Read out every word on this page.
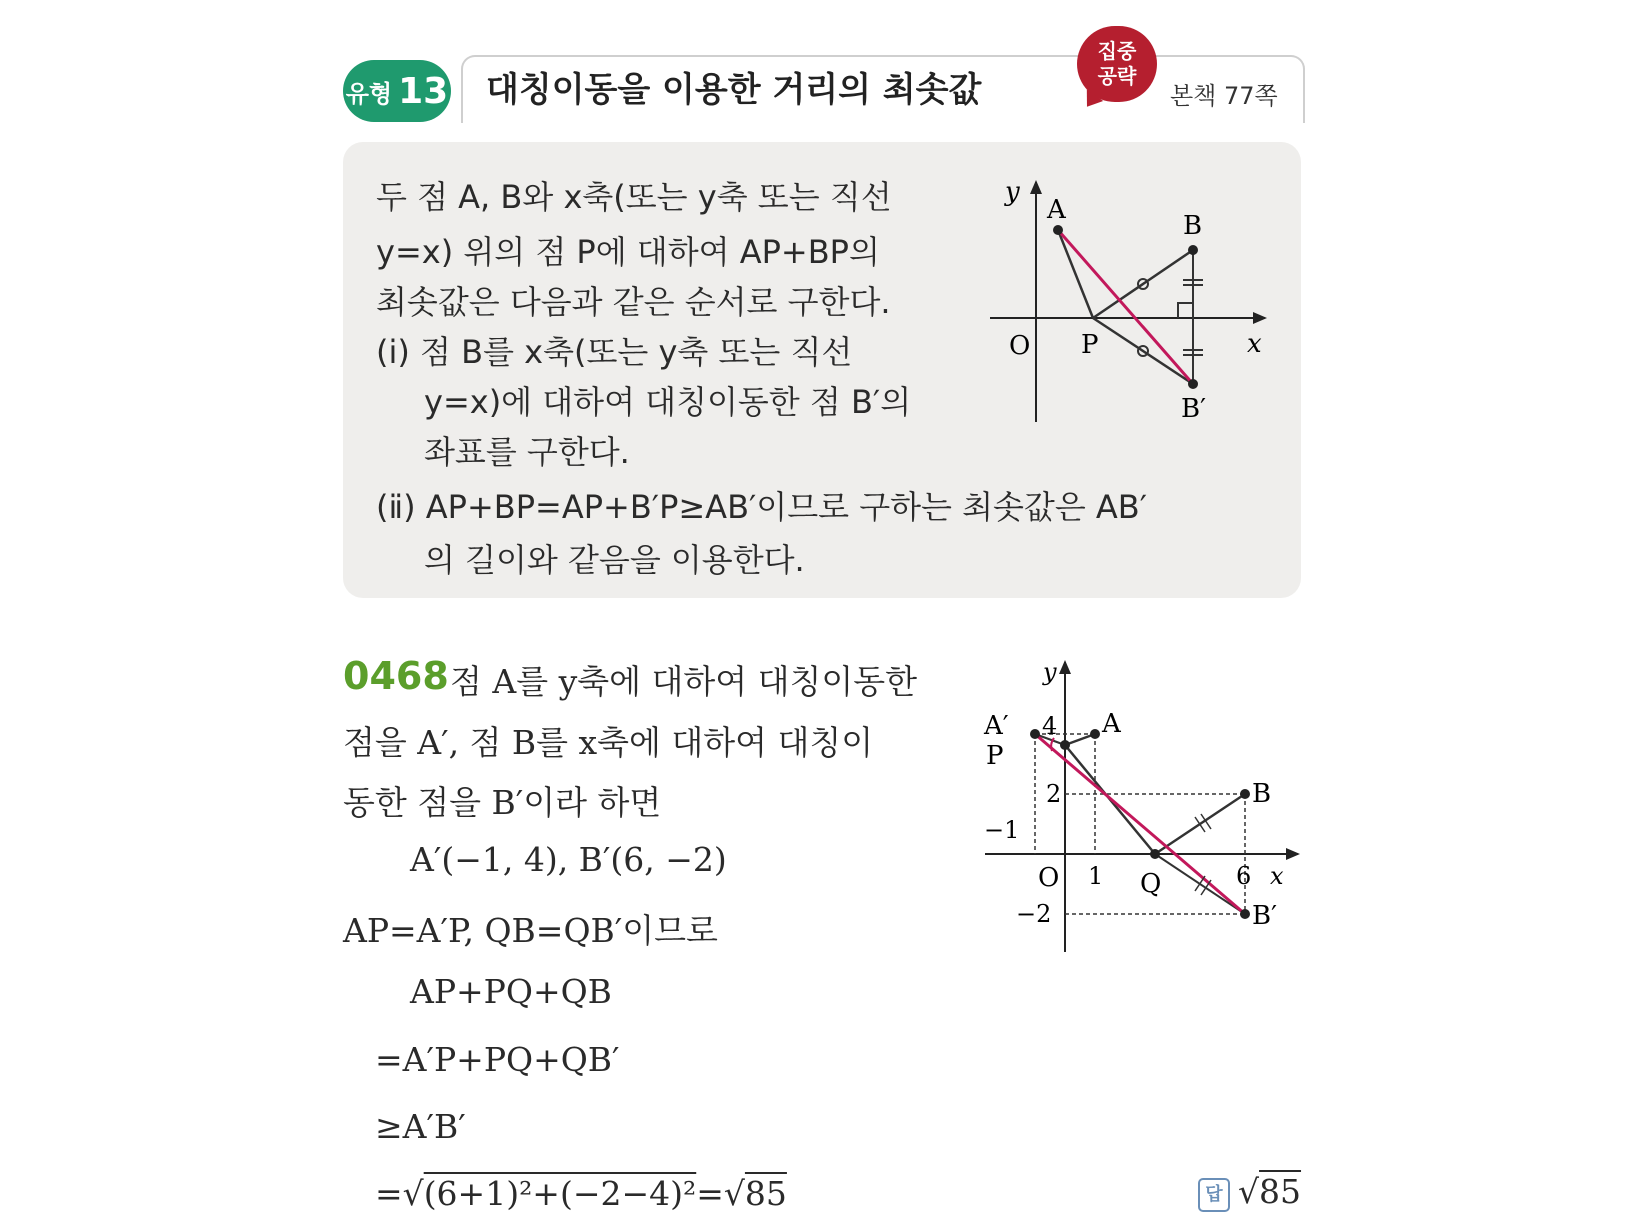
유형 13 대칭이동을 이용한 거리의 최솟값
집중
공략
본책 77쪽
두 점 A, B와 x축(또는 y축 또는 직선
y=x) 위의 점 P에 대하여 AP+BP의
최솟값은 다음과 같은 순서로 구한다.
(ⅰ) 점 B를 x축(또는 y축 또는 직선
y=x)에 대하여 대칭이동한 점 B′의
좌표를 구한다.
(ⅱ) AP+BP=AP+B′P≥AB′이므로 구하는 최솟값은 AB′
의 길이와 같음을 이용한다.
y
x
O
A
B
P
B′
0468 점 A를 y축에 대하여 대칭이동한
점을 A′, 점 B를 x축에 대하여 대칭이
동한 점을 B′이라 하면
A′(−1, 4), B′(6, −2)
AP=A′P, QB=QB′이므로
AP+PQ+QB
=A′P+PQ+QB′
≥A′B′
=√(6+1)²+(−2−4)²=√85
y
x
O
A′	A
P
B
Q
B′
4
2
−1
1	6
−2
답 √85
